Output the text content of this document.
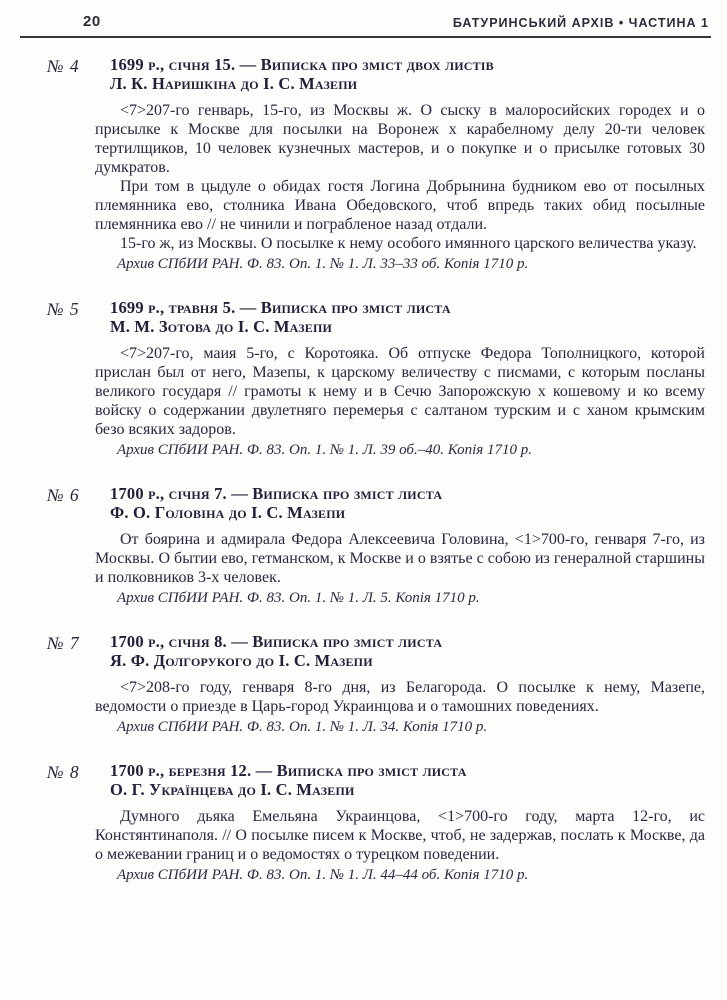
20	БАТУРИНСЬКИЙ АРХІВ • ЧАСТИНА 1
№ 4 1699 р., січня 15. — Виписка про зміст двох листів
Л. К. Наришкіна до І. С. Мазепи

<7>207-го генварь, 15-го, из Москвы ж. О сыску в малоросийских городех и о присылке к Москве для посылки на Воронеж х карабелному делу 20-ти человек тертилщиков, 10 человек кузнечных мастеров, и о покупке и о присылке готовых 30 думкратов.

При том в цыдуле о обидах гостя Логина Добрынина будником ево от посылных племянника ево, столника Ивана Обедовского, чтоб впредь таких обид посылные племянника ево // не чинили и пограбленое назад отдали.

15-го ж, из Москвы. О посылке к нему особого имянного царского величества указу.

Архив СПбИИ РАН. Ф. 83. Оп. 1. № 1. Л. 33–33 об. Копія 1710 р.
№ 5 1699 р., травня 5. — Виписка про зміст листа
М. М. Зотова до І. С. Мазепи

<7>207-го, маия 5-го, с Коротояка. Об отпуске Федора Тополницкого, которой прислан был от него, Мазепы, к царскому величеству с писмами, с которым посланы великого государя // грамоты к нему и в Сечю Запорожскую х кошевому и ко всему войску о содержании двулетняго перемерья с салтаном турским и с ханом крымским безо всяких задоров.

Архив СПбИИ РАН. Ф. 83. Оп. 1. № 1. Л. 39 об.–40. Копія 1710 р.
№ 6 1700 р., січня 7. — Виписка про зміст листа
Ф. О. Головіна до І. С. Мазепи

От боярина и адмирала Федора Алексеевича Головина, <1>700-го, генваря 7-го, из Москвы. О бытии ево, гетманском, к Москве и о взятье с собою из генералной старшины и полковников 3-х человек.

Архив СПбИИ РАН. Ф. 83. Оп. 1. № 1. Л. 5. Копія 1710 р.
№ 7 1700 р., січня 8. — Виписка про зміст листа
Я. Ф. Долгорукого до І. С. Мазепи

<7>208-го году, генваря 8-го дня, из Белагорода. О посылке к нему, Мазепе, ведомости о приезде в Царь-город Украинцова и о тамошних поведениях.

Архив СПбИИ РАН. Ф. 83. Оп. 1. № 1. Л. 34. Копія 1710 р.
№ 8 1700 р., березня 12. — Виписка про зміст листа
О. Г. Українцева до І. С. Мазепи

Думного дьяка Емельяна Украинцова, <1>700-го году, марта 12-го, ис Констянтинаполя. // О посылке писем к Москве, чтоб, не задержав, послать к Москве, да о межевании границ и о ведомостях о турецком поведении.

Архив СПбИИ РАН. Ф. 83. Оп. 1. № 1. Л. 44–44 об. Копія 1710 р.
